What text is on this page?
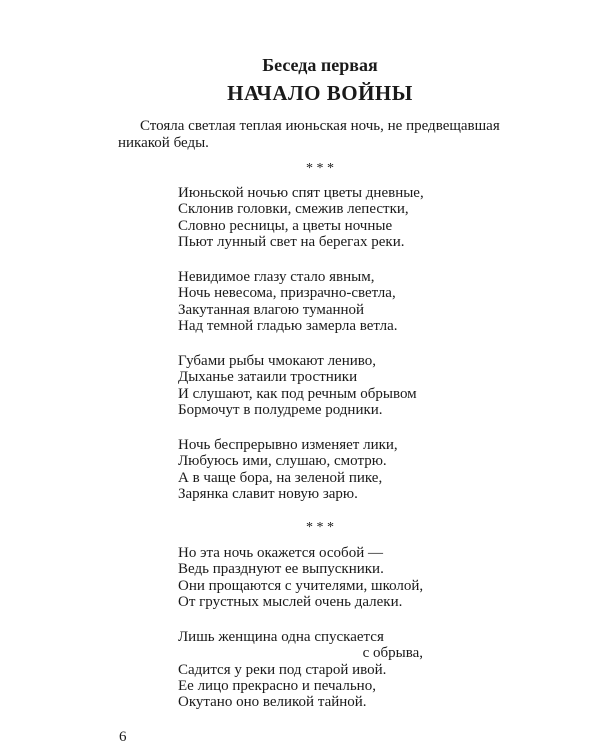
Беседа первая
НАЧАЛО ВОЙНЫ
Стояла светлая теплая июньская ночь, не предвещавшая
никакой беды.
* * *
Июньской ночью спят цветы дневные,
Склонив головки, смежив лепестки,
Словно ресницы, а цветы ночные
Пьют лунный свет на берегах реки.
Невидимое глазу стало явным,
Ночь невесома, призрачно-светла,
Закутанная влагою туманной
Над темной гладью замерла ветла.
Губами рыбы чмокают лениво,
Дыханье затаили тростники
И слушают, как под речным обрывом
Бормочут в полудреме родники.
Ночь беспрерывно изменяет лики,
Любуюсь ими, слушаю, смотрю.
А в чаще бора, на зеленой пике,
Зарянка славит новую зарю.
* * *
Но эта ночь окажется особой —
Ведь празднуют ее выпускники.
Они прощаются с учителями, школой,
От грустных мыслей очень далеки.
Лишь женщина одна спускается
с обрыва,
Садится у реки под старой ивой.
Ее лицо прекрасно и печально,
Окутано оно великой тайной.
6
